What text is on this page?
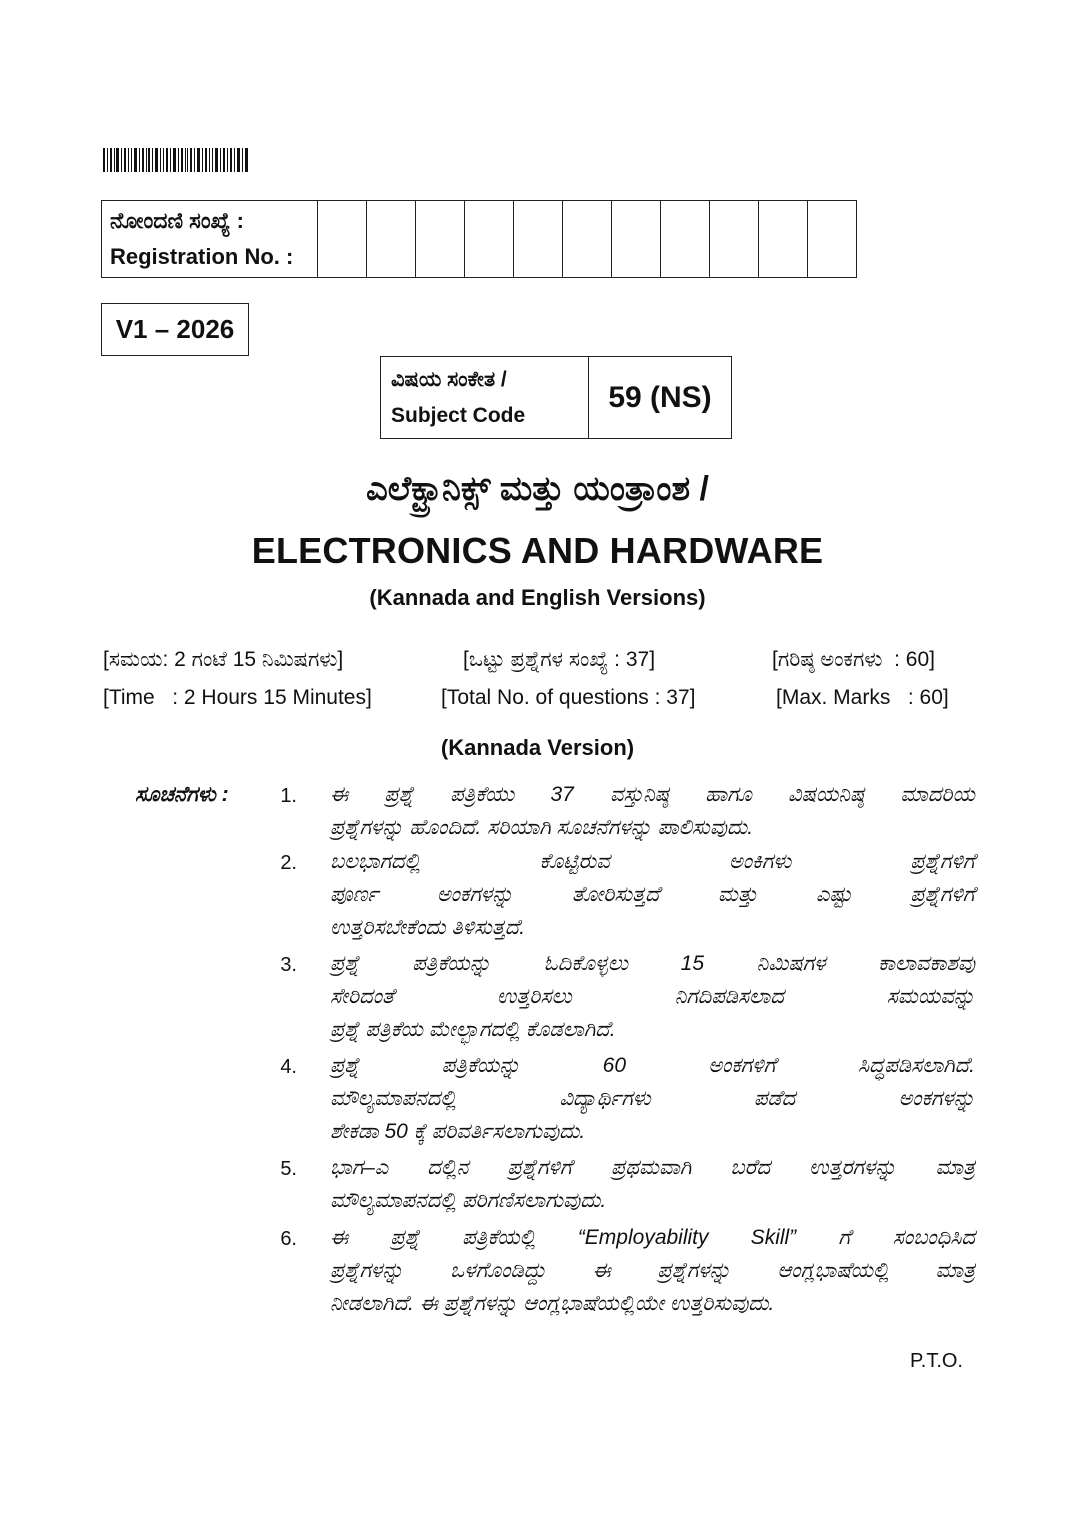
ನೋಂದಣಿ ಸಂಖ್ಯೆ :
Registration No. :

V1 – 2026
ವಿಷಯ ಸಂಕೇತ /
Subject Code
	59 (NS)
ಎಲೆಕ್ಟ್ರಾನಿಕ್ಸ್ ಮತ್ತು ಯಂತ್ರಾಂಶ /
ELECTRONICS AND HARDWARE
(Kannada and English Versions)
[ಸಮಯ: 2 ಗಂಟೆ 15 ನಿಮಿಷಗಳು]	[ಒಟ್ಟು ಪ್ರಶ್ನೆಗಳ ಸಂಖ್ಯೆ : 37]	[ಗರಿಷ್ಠ ಅಂಕಗಳು  : 60]
[Time   : 2 Hours 15 Minutes]	[Total No. of questions : 37]	[Max. Marks   : 60]
(Kannada Version)
ಸೂಚನೆಗಳು :	1. ಈ ಪ್ರಶ್ನೆ ಪತ್ರಿಕೆಯು 37 ವಸ್ತುನಿಷ್ಠ ಹಾಗೂ ವಿಷಯನಿಷ್ಠ ಮಾದರಿಯ
ಪ್ರಶ್ನೆಗಳನ್ನು ಹೊಂದಿದೆ. ಸರಿಯಾಗಿ ಸೂಚನೆಗಳನ್ನು ಪಾಲಿಸುವುದು.
2. ಬಲಭಾಗದಲ್ಲಿ ಕೊಟ್ಟಿರುವ ಅಂಕಿಗಳು ಪ್ರಶ್ನೆಗಳಿಗೆ
ಪೂರ್ಣ ಅಂಕಗಳನ್ನು ತೋರಿಸುತ್ತದೆ ಮತ್ತು ಎಷ್ಟು ಪ್ರಶ್ನೆಗಳಿಗೆ
ಉತ್ತರಿಸಬೇಕೆಂದು ತಿಳಿಸುತ್ತದೆ.
3. ಪ್ರಶ್ನೆ ಪತ್ರಿಕೆಯನ್ನು ಓದಿಕೊಳ್ಳಲು 15 ನಿಮಿಷಗಳ ಕಾಲಾವಕಾಶವು
ಸೇರಿದಂತೆ ಉತ್ತರಿಸಲು ನಿಗದಿಪಡಿಸಲಾದ ಸಮಯವನ್ನು
ಪ್ರಶ್ನೆ ಪತ್ರಿಕೆಯ ಮೇಲ್ಭಾಗದಲ್ಲಿ ಕೊಡಲಾಗಿದೆ.
4. ಪ್ರಶ್ನೆ ಪತ್ರಿಕೆಯನ್ನು 60 ಅಂಕಗಳಿಗೆ ಸಿದ್ಧಪಡಿಸಲಾಗಿದೆ.
ಮೌಲ್ಯಮಾಪನದಲ್ಲಿ ವಿದ್ಯಾರ್ಥಿಗಳು ಪಡೆದ ಅಂಕಗಳನ್ನು
ಶೇಕಡಾ 50 ಕ್ಕೆ ಪರಿವರ್ತಿಸಲಾಗುವುದು.
5. ಭಾಗ–ಎ ದಲ್ಲಿನ ಪ್ರಶ್ನೆಗಳಿಗೆ ಪ್ರಥಮವಾಗಿ ಬರೆದ ಉತ್ತರಗಳನ್ನು ಮಾತ್ರ
ಮೌಲ್ಯಮಾಪನದಲ್ಲಿ ಪರಿಗಣಿಸಲಾಗುವುದು.
6. ಈ ಪ್ರಶ್ನೆ ಪತ್ರಿಕೆಯಲ್ಲಿ “Employability Skill” ಗೆ ಸಂಬಂಧಿಸಿದ
ಪ್ರಶ್ನೆಗಳನ್ನು ಒಳಗೊಂಡಿದ್ದು ಈ ಪ್ರಶ್ನೆಗಳನ್ನು ಆಂಗ್ಲಭಾಷೆಯಲ್ಲಿ ಮಾತ್ರ
ನೀಡಲಾಗಿದೆ. ಈ ಪ್ರಶ್ನೆಗಳನ್ನು ಆಂಗ್ಲಭಾಷೆಯಲ್ಲಿಯೇ ಉತ್ತರಿಸುವುದು.
P.T.O.
